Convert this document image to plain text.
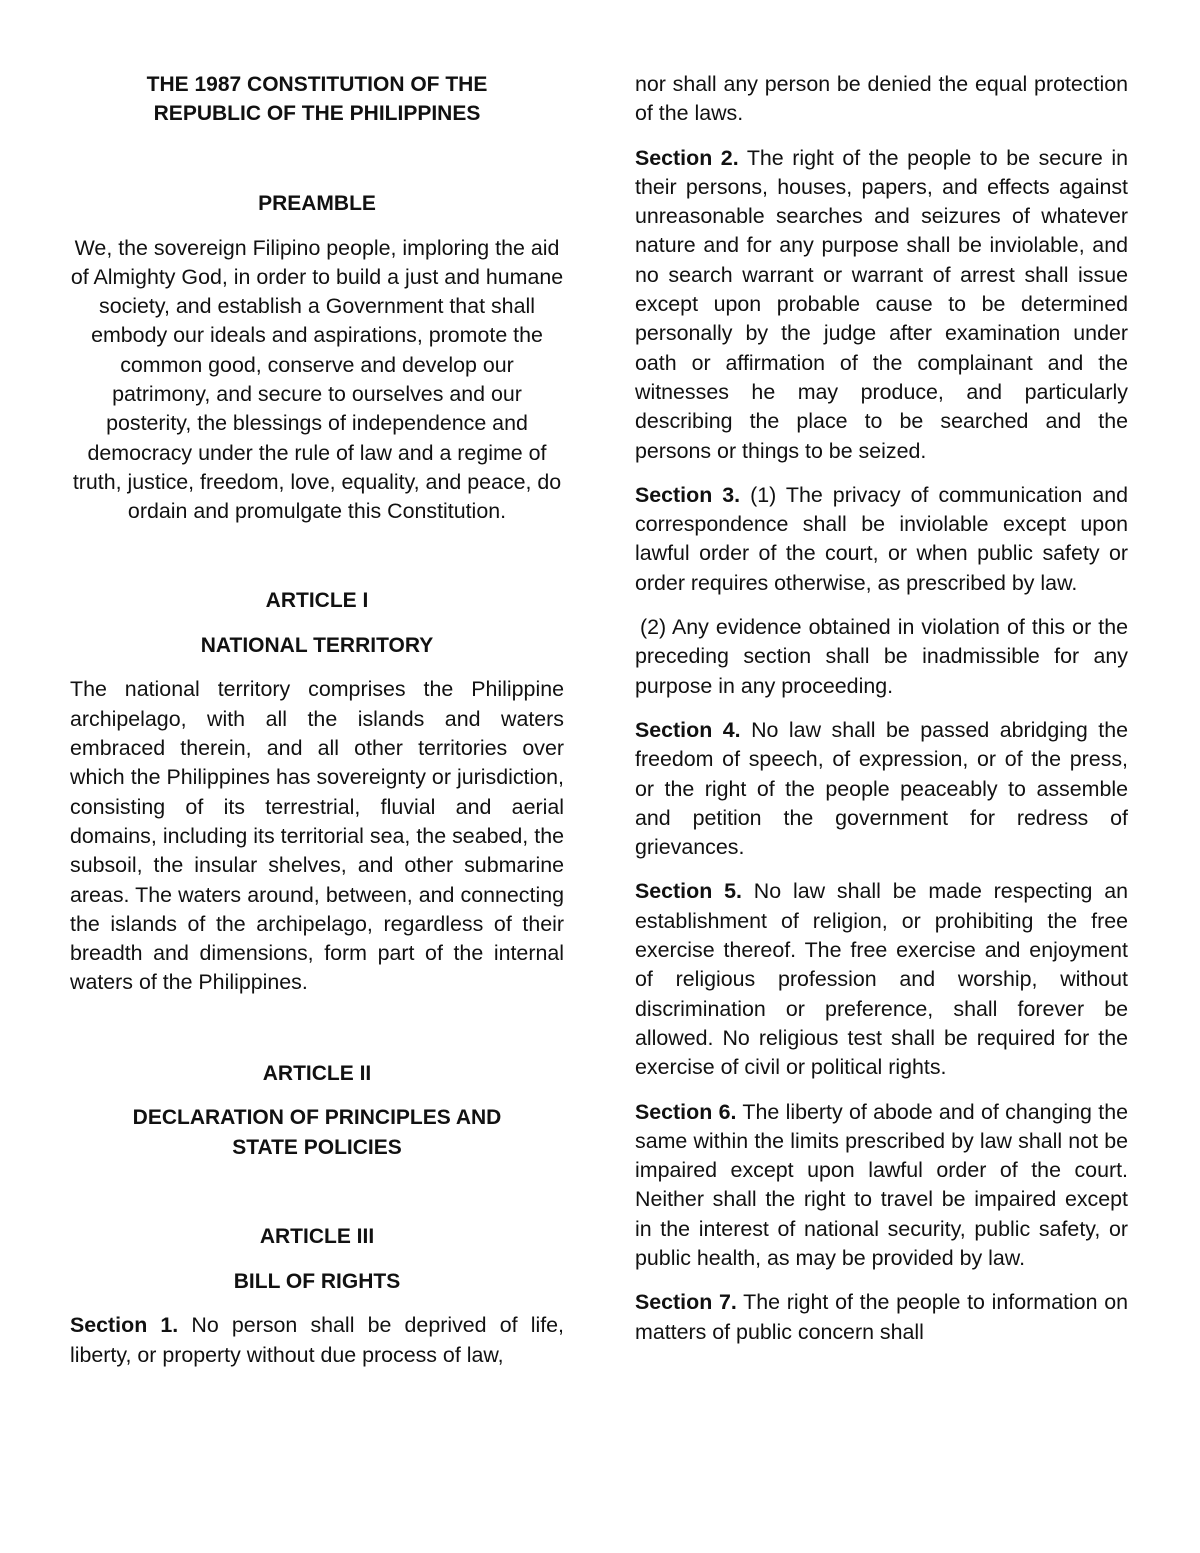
THE 1987 CONSTITUTION OF THE

REPUBLIC OF THE PHILIPPINES

PREAMBLE

We, the sovereign Filipino people, imploring the aid of Almighty God, in order to build a just and humane society, and establish a Government that shall embody our ideals and aspirations, promote the common good, conserve and develop our patrimony, and secure to ourselves and our posterity, the blessings of independence and democracy under the rule of law and a regime of truth, justice, freedom, love, equality, and peace, do ordain and promulgate this Constitution.

ARTICLE I

NATIONAL TERRITORY

The national territory comprises the Philippine archipelago, with all the islands and waters embraced therein, and all other territories over which the Philippines has sovereignty or jurisdiction, consisting of its terrestrial, fluvial and aerial domains, including its territorial sea, the seabed, the subsoil, the insular shelves, and other submarine areas. The waters around, between, and connecting the islands of the archipelago, regardless of their breadth and dimensions, form part of the internal waters of the Philippines.

ARTICLE II

DECLARATION OF PRINCIPLES AND

STATE POLICIES

ARTICLE III

BILL OF RIGHTS

Section 1. No person shall be deprived of life, liberty, or property without due process of law,

nor shall any person be denied the equal protection of the laws.

Section 2. The right of the people to be secure in their persons, houses, papers, and effects against unreasonable searches and seizures of whatever nature and for any purpose shall be inviolable, and no search warrant or warrant of arrest shall issue except upon probable cause to be determined personally by the judge after examination under oath or affirmation of the complainant and the witnesses he may produce, and particularly describing the place to be searched and the persons or things to be seized.

Section 3. (1) The privacy of communication and correspondence shall be inviolable except upon lawful order of the court, or when public safety or order requires otherwise, as prescribed by law.

(2) Any evidence obtained in violation of this or the preceding section shall be inadmissible for any purpose in any proceeding.

Section 4. No law shall be passed abridging the freedom of speech, of expression, or of the press, or the right of the people peaceably to assemble and petition the government for redress of grievances.

Section 5. No law shall be made respecting an establishment of religion, or prohibiting the free exercise thereof. The free exercise and enjoyment of religious profession and worship, without discrimination or preference, shall forever be allowed. No religious test shall be required for the exercise of civil or political rights.

Section 6. The liberty of abode and of changing the same within the limits prescribed by law shall not be impaired except upon lawful order of the court. Neither shall the right to travel be impaired except in the interest of national security, public safety, or public health, as may be provided by law.

Section 7. The right of the people to information on matters of public concern shall
